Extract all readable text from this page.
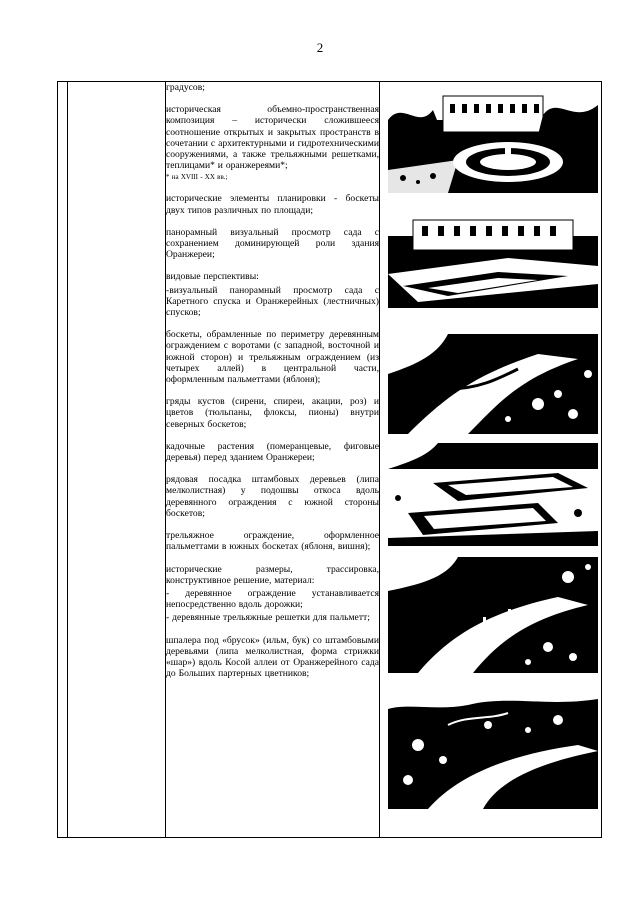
2

градусов;

историческая объемно-пространственная композиция – исторически сложившееся соотношение открытых и закрытых пространств в сочетании с архитектурными и гидротехническими сооружениями, а также трельяжными решетками, теплицами* и оранжереями*;

* на XVIII - XX вв.;

исторические элементы планировки - боскеты двух типов различных по площади;

панорамный визуальный просмотр сада с сохранением доминирующей роли здания Оранжереи;

видовые перспективы:

-визуальный панорамный просмотр сада с Каретного спуска и Оранжерейных (лестничных) спусков;

боскеты, обрамленные по периметру деревянным ограждением с воротами (с западной, восточной и южной сторон) и трельяжным ограждением (из четырех аллей) в центральной части, оформленным пальметтами (яблоня);

гряды кустов (сирени, спиреи, акации, роз) и цветов (тюльпаны, флоксы, пионы) внутри северных боскетов;

кадочные растения (померанцевые, фиговые деревья) перед зданием Оранжереи;

рядовая посадка штамбовых деревьев (липа мелколистная) у подошвы откоса вдоль деревянного ограждения с южной стороны боскетов;

трельяжное ограждение, оформленное пальметтами в южных боскетах (яблоня, вишня);

исторические размеры, трассировка, конструктивное решение, материал:

- деревянное ограждение устанавливается непосредственно вдоль дорожки;

- деревянные трельяжные решетки для пальметт;

шпалера под «брусок» (ильм, бук) со штамбовыми деревьями (липа мелколистная, форма стрижки «шар») вдоль Косой аллеи от Оранжерейного сада до Больших партерных цветников;
